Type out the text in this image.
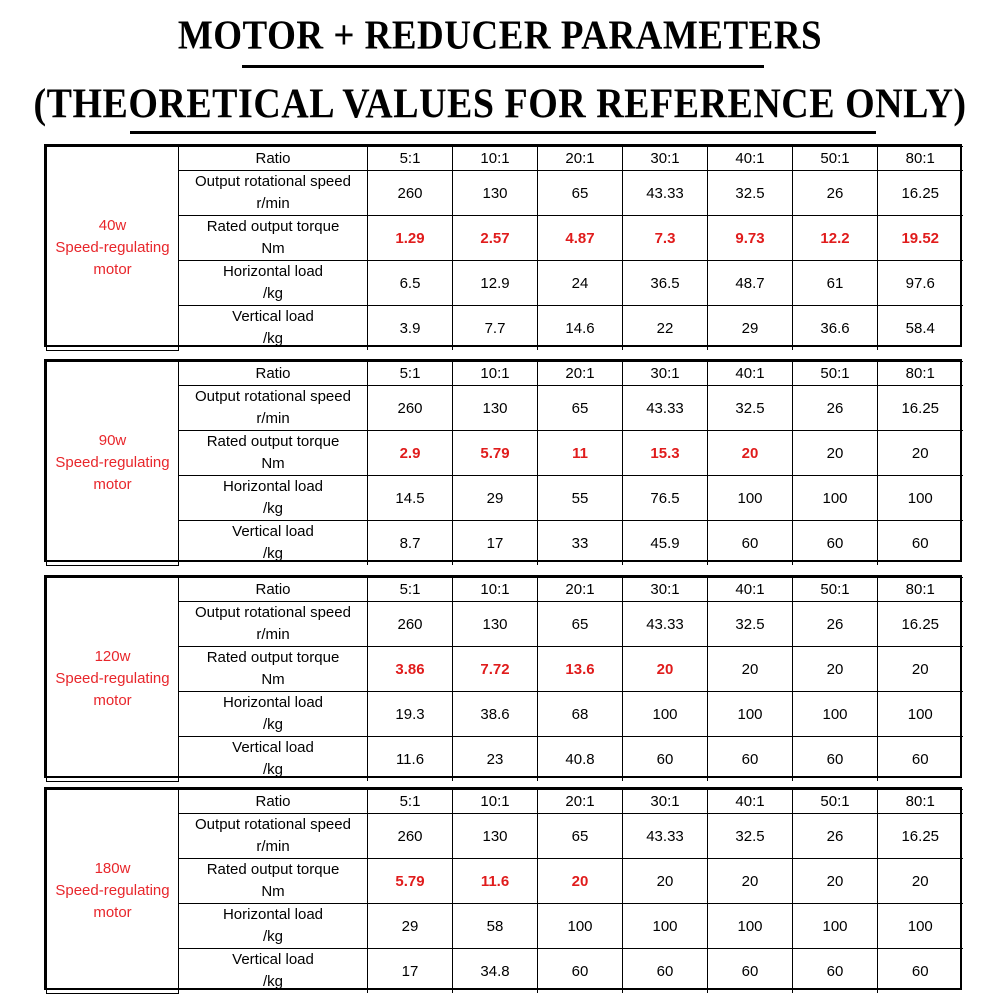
MOTOR + REDUCER PARAMETERS
(THEORETICAL VALUES FOR REFERENCE ONLY)
40w
Speed-regulating
motor	Ratio	5:1	10:1	20:1	30:1	40:1	50:1	80:1

	Output rotational speed
r/min	260	130	65	43.33	32.5	26	16.25

	Rated output torque
Nm	1.29	2.57	4.87	7.3	9.73	12.2	19.52

	Horizontal load
/kg	6.5	12.9	24	36.5	48.7	61	97.6

	Vertical load
/kg	3.9	7.7	14.6	22	29	36.6	58.4
90w
Speed-regulating
motor	Ratio	5:1	10:1	20:1	30:1	40:1	50:1	80:1

	Output rotational speed
r/min	260	130	65	43.33	32.5	26	16.25

	Rated output torque
Nm	2.9	5.79	11	15.3	20	20	20

	Horizontal load
/kg	14.5	29	55	76.5	100	100	100

	Vertical load
/kg	8.7	17	33	45.9	60	60	60
120w
Speed-regulating
motor	Ratio	5:1	10:1	20:1	30:1	40:1	50:1	80:1

	Output rotational speed
r/min	260	130	65	43.33	32.5	26	16.25

	Rated output torque
Nm	3.86	7.72	13.6	20	20	20	20

	Horizontal load
/kg	19.3	38.6	68	100	100	100	100

	Vertical load
/kg	11.6	23	40.8	60	60	60	60
180w
Speed-regulating
motor	Ratio	5:1	10:1	20:1	30:1	40:1	50:1	80:1

	Output rotational speed
r/min	260	130	65	43.33	32.5	26	16.25

	Rated output torque
Nm	5.79	11.6	20	20	20	20	20

	Horizontal load
/kg	29	58	100	100	100	100	100

	Vertical load
/kg	17	34.8	60	60	60	60	60
